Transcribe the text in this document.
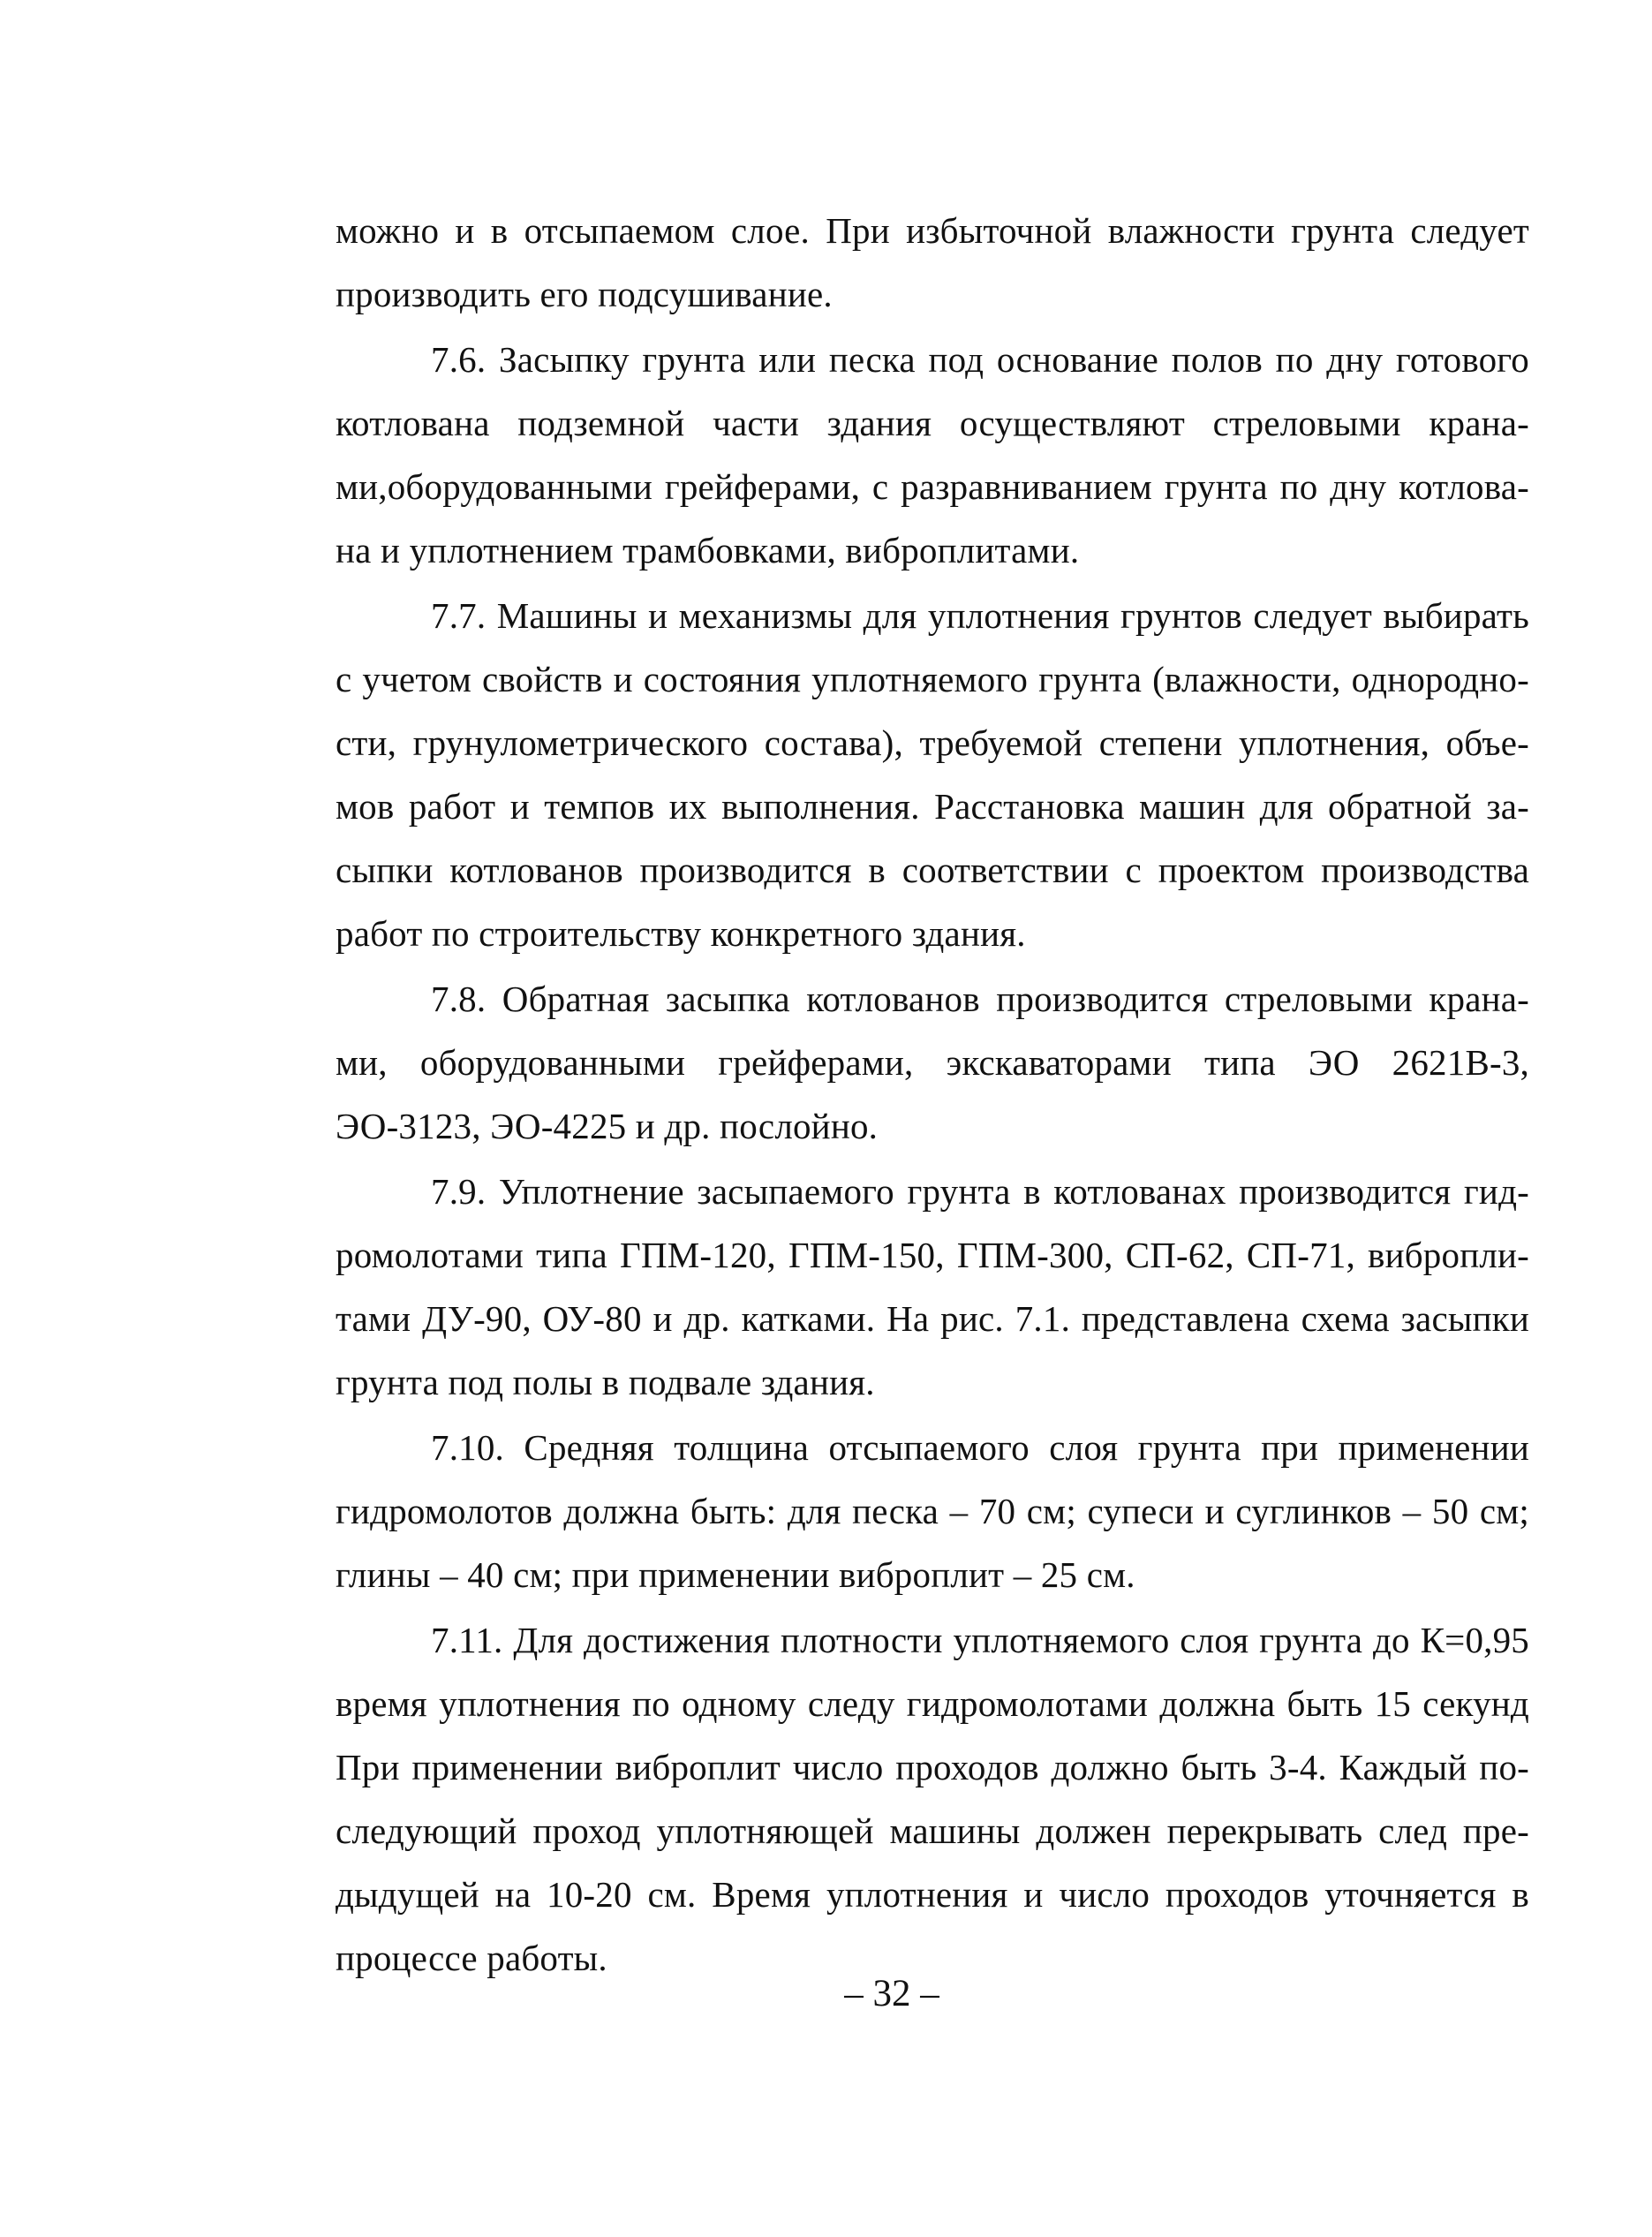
можно и в отсыпаемом слое. При избыточной влажности грунта следует производить его подсушивание.

7.6. Засыпку грунта или песка под основание полов по дну готового котлована подземной части здания осуществляют стреловыми крана-ми,оборудованными грейферами, с разравниванием грунта по дну котлова-на и уплотнением трамбовками, виброплитами.

7.7. Машины и механизмы для уплотнения грунтов следует выбирать с учетом свойств и состояния уплотняемого грунта (влажности, однородно-сти, грунулометрического состава), требуемой степени уплотнения, объе-мов работ и темпов их выполнения. Расстановка машин для обратной за-сыпки котлованов производится в соответствии с проектом производства работ по строительству конкретного здания.

7.8. Обратная засыпка котлованов производится стреловыми крана-ми, оборудованными грейферами, экскаваторами типа ЭО 2621В-3, ЭО-3123, ЭО-4225 и др. послойно.

7.9. Уплотнение засыпаемого грунта в котлованах производится гид-ромолотами типа ГПМ-120, ГПМ-150, ГПМ-300, СП-62, СП-71, вибропли-тами ДУ-90, ОУ-80 и др. катками. На рис. 7.1. представлена схема засыпки грунта под полы в подвале здания.

7.10. Средняя толщина отсыпаемого слоя грунта при применении гидромолотов должна быть: для песка – 70 см; супеси и суглинков – 50 см; глины – 40 см; при применении виброплит – 25 см.

7.11. Для достижения плотности уплотняемого слоя грунта до К=0,95 время уплотнения по одному следу гидромолотами должна быть 15 секунд При применении виброплит число проходов должно быть 3-4. Каждый по-следующий проход уплотняющей машины должен перекрывать след пре-дыдущей на 10-20 см. Время уплотнения и число проходов уточняется в процессе работы.

– 32 –
